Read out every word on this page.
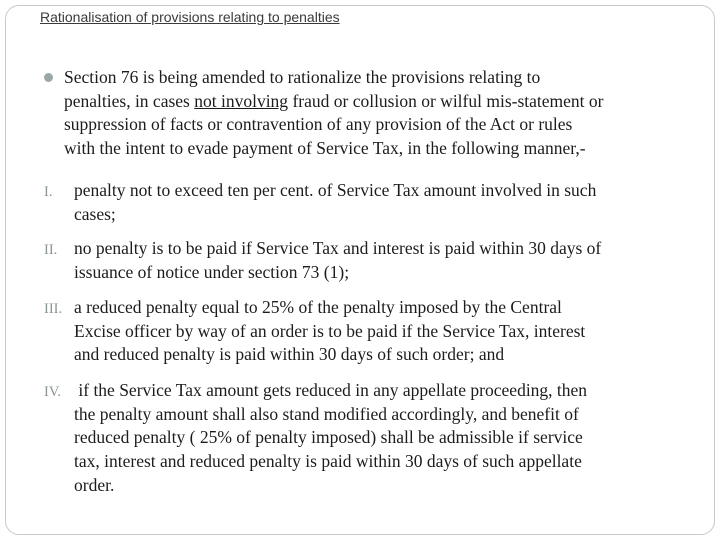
Rationalisation of provisions relating to penalties
Section 76 is being amended to rationalize the provisions relating to
penalties, in cases not involving fraud or collusion or wilful mis-statement or
suppression of facts or contravention of any provision of the Act or rules
with the intent to evade payment of Service Tax, in the following manner,-
I. penalty not to exceed ten per cent. of Service Tax amount involved in such
cases;
II. no penalty is to be paid if Service Tax and interest is paid within 30 days of
issuance of notice under section 73 (1);
III. a reduced penalty equal to 25% of the penalty imposed by the Central
Excise officer by way of an order is to be paid if the Service Tax, interest
and reduced penalty is paid within 30 days of such order; and
IV. if the Service Tax amount gets reduced in any appellate proceeding, then
the penalty amount shall also stand modified accordingly, and benefit of
reduced penalty ( 25% of penalty imposed) shall be admissible if service
tax, interest and reduced penalty is paid within 30 days of such appellate
order.
